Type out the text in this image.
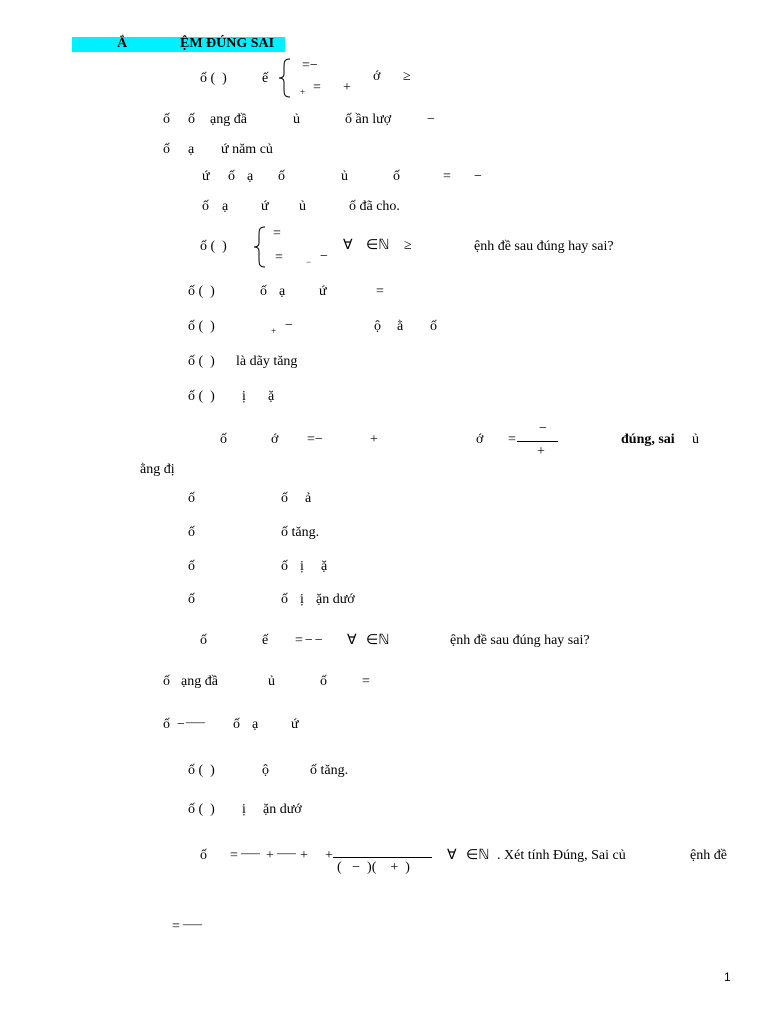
Ắ	ỆM ĐÚNG SAI
ố (  )	ế
=−
+ = +
ớ ≥
ố ố ạng đầ	ủ	ố ần lượ	−
ố ạ ứ năm củ
ứ ố ạ ố	ủ	ố	= −
ố ạ ứ ủ	ố đã cho.
ố (  )
=
=	− −
∀ ∈ℕ ≥	ệnh đề sau đúng hay sai?
ố (  )	ố ạ ứ	=
ố (  )	+ −	ộ ằ ố
ố (  ) là dãy tăng
ố (  ) ị ặ
ố	ớ =−	+	ớ =
−
+
đúng, sai ủ
ằng đị
ố	ố ả
ố	ố tăng.
ố	ố ị ặ
ố	ố ị ặn dướ
ố	ế =−− ∀ ∈ℕ	ệnh đề sau đúng hay sai?
ố ạng đầ	ủ	ố	=
ố − — ố ạ ứ
ố (  )	ộ	ố tăng.
ố (  ) ị ặn dướ
ố = — + — + +
(   −  )(    +  )
∀ ∈ℕ . Xét tính Đúng, Sai củ	ệnh đề
= —
1
